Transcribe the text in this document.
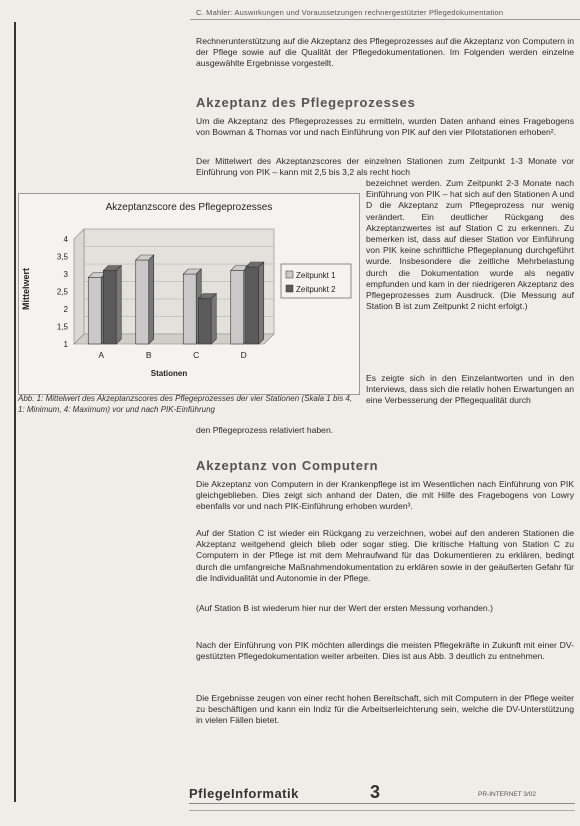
C. Mahler: Auswirkungen und Voraussetzungen rechnergestützter Pflegedokumentation
Rechnerunterstützung auf die Akzeptanz des Pflegeprozesses auf die Akzeptanz von Computern in der Pflege sowie auf die Qualität der Pflegedokumentationen. Im Folgenden werden einzelne ausgewählte Ergebnisse vorgestellt.
Akzeptanz des Pflegeprozesses
Um die Akzeptanz des Pflegeprozesses zu ermitteln, wurden Daten anhand eines Fragebogens von Bowman & Thomas vor und nach Einführung von PIK auf den vier Pilotstationen erhoben².
Der Mittelwert des Akzeptanzscores der einzelnen Stationen zum Zeitpunkt 1-3 Monate vor Einführung von PIK – kann mit 2,5 bis 3,2 als recht hoch
bezeichnet werden. Zum Zeitpunkt 2-3 Monate nach Einführung von PIK – hat sich auf den Stationen A und D die Akzeptanz zum Pflegeprozess nur wenig verändert. Ein deutlicher Rückgang des Akzeptanzwertes ist auf Station C zu erkennen. Zu bemerken ist, dass auf dieser Station vor Einführung von PIK keine schriftliche Pflegeplanung durchgeführt wurde. Insbesondere die zeitliche Mehrbelastung durch die Dokumentation wurde als negativ empfunden und kam in der niedrigeren Akzeptanz des Pflegeprozesses zum Ausdruck. (Die Messung auf Station B ist zum Zeitpunkt 2 nicht erfolgt.)
Es zeigte sich in den Einzelantworten und in den Interviews, dass sich die relativ hohen Erwartungen an eine Verbesserung der Pflegequalität durch
den Pflegeprozess relativiert haben.
Akzeptanzscore des Pflegeprozesses
Mittelwert
Stationen
1
1,5
2
2,5
3
3,5
4
A	B	C	D
Zeitpunkt 1
Zeitpunkt 2
Abb. 1: Mittelwert des Akzeptanzscores des Pflegeprozesses der vier Stationen (Skala 1 bis 4, 1: Minimum, 4: Maximum) vor und nach PIK-Einführung
Akzeptanz von Computern
Die Akzeptanz von Computern in der Krankenpflege ist im Wesentlichen nach Einführung von PIK gleichgeblieben. Dies zeigt sich anhand der Daten, die mit Hilfe des Fragebogens von Lowry ebenfalls vor und nach PIK-Einführung erhoben wurden³.
Auf der Station C ist wieder ein Rückgang zu verzeichnen, wobei auf den anderen Stationen die Akzeptanz weitgehend gleich blieb oder sogar stieg. Die kritische Haltung von Station C zu Computern in der Pflege ist mit dem Mehraufwand für das Dokumentieren zu erklären, bedingt durch die umfangreiche Maßnahmendokumentation zu erklären sowie in der geäußerten Gefahr für die Individualität und Autonomie in der Pflege.
(Auf Station B ist wiederum hier nur der Wert der ersten Messung vorhanden.)
Nach der Einführung von PIK möchten allerdings die meisten Pflegekräfte in Zukunft mit einer DV-gestützten Pflegedokumentation weiter arbeiten. Dies ist aus Abb. 3 deutlich zu entnehmen.
Die Ergebnisse zeugen von einer recht hohen Bereitschaft, sich mit Computern in der Pflege weiter zu beschäftigen und kann ein Indiz für die Arbeitserleichterung sein, welche die DV-Unterstützung in vielen Fällen bietet.
PflegeInformatik	3	PR-INTERNET 3/02
